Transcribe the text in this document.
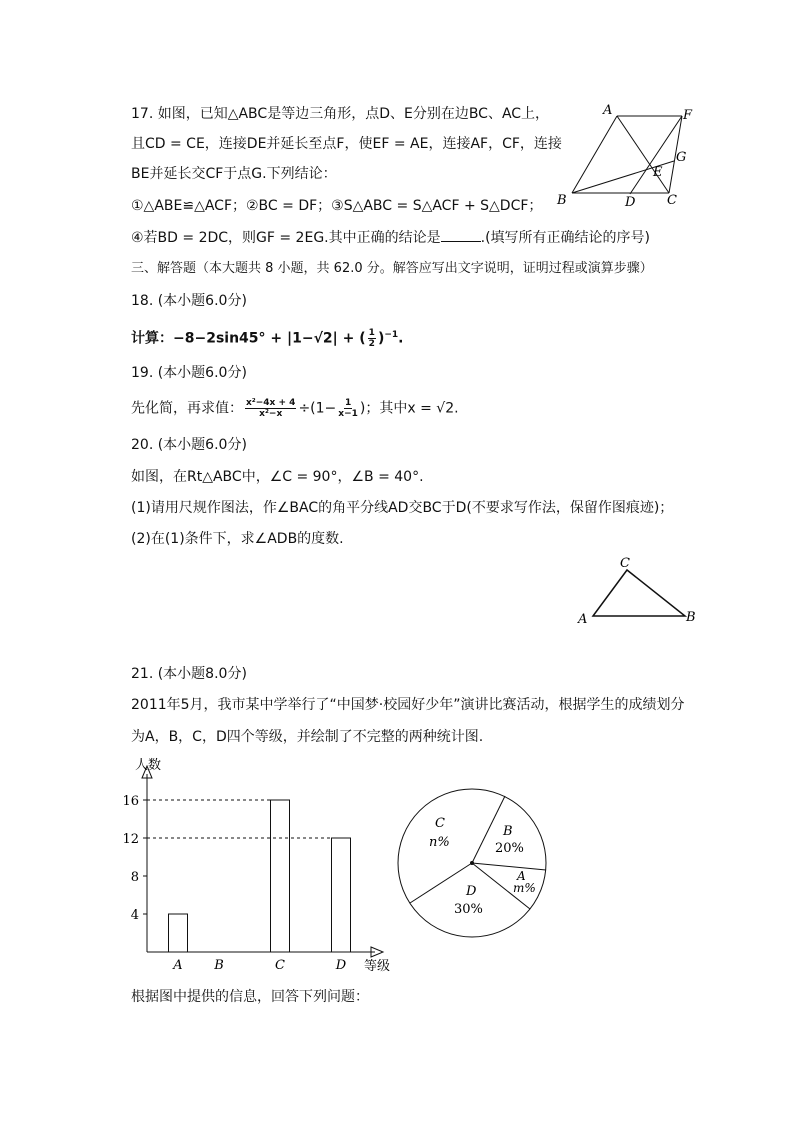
17. 如图，已知△ABC是等边三角形，点D、E分别在边BC、AC上，
且CD = CE，连接DE并延长至点F，使EF = AE，连接AF，CF，连接
BE并延长交CF于点G.下列结论：
①△ABE≌△ACF；②BC = DF；③S△ABC = S△ACF + S△DCF；
④若BD = 2DC，则GF = 2EG.其中正确的结论是	.(填写所有正确结论的序号)
A	F
G
E
B	D C
三、解答题（本大题共 8 小题，共 62.0 分。解答应写出文字说明，证明过程或演算步骤）
18. (本小题6.0分)
计算：−8−2sin45° + |1−√2| + ( $\frac{1}{2} )^{-1}$.
19. (本小题6.0分)
先化简，再求值： $\frac{\text{x²−4x + 4}}{\text{x²−x}} \div(1- \frac{1}{x-1}$ )；其中x = √2.
20. (本小题6.0分)
如图，在Rt△ABC中，∠C = 90°，∠B = 40°.
(1)请用尺规作图法，作∠BAC的角平分线AD交BC于D(不要求写作法，保留作图痕迹)；
(2)在(1)条件下，求∠ADB的度数.
C
A	B
21. (本小题8.0分)
2011年5月，我市某中学举行了“中国梦·校园好少年”演讲比赛活动，根据学生的成绩划分
为A，B，C，D四个等级，并绘制了不完整的两种统计图.
人数
等级
4
8
12
16
A B	C	D
C
n%
B
20%
A
m%
D
30%
根据图中提供的信息，回答下列问题：
